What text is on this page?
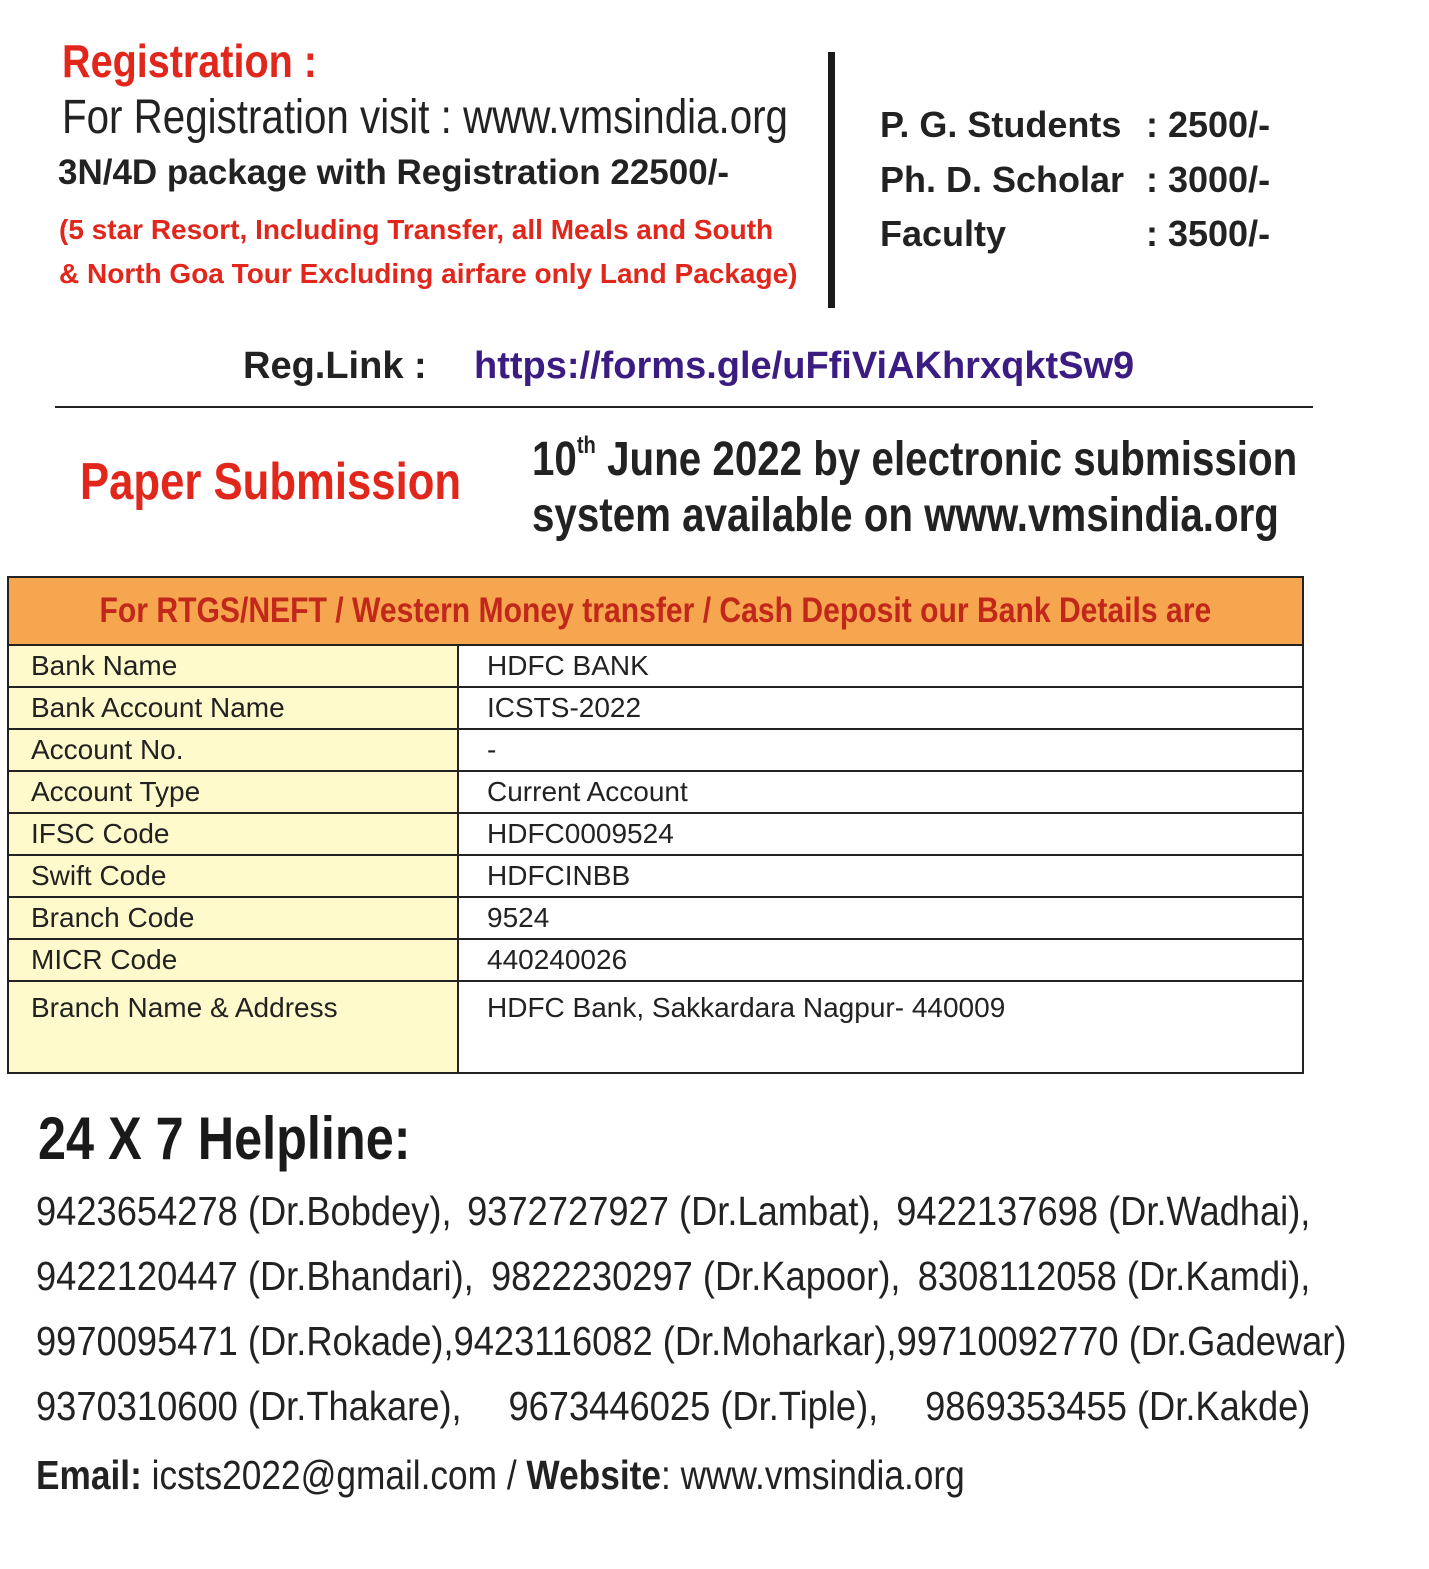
Registration :
For Registration visit : www.vmsindia.org
3N/4D package with Registration 22500/-
(5 star Resort, Including Transfer, all Meals and South & North Goa Tour Excluding airfare only Land Package)
P. G. Students : 2500/-
Ph. D. Scholar : 3000/-
Faculty	: 3500/-
Reg.Link : https://forms.gle/uFfiViAKhrxqktSw9
Paper Submission 10th June 2022 by electronic submission
system available on www.vmsindia.org
For RTGS/NEFT / Western Money transfer / Cash Deposit our Bank Details are	
Bank Name	HDFC BANK
Bank Account Name	ICSTS-2022
Account No.	-
Account Type	Current Account
IFSC Code	HDFC0009524
Swift Code	HDFCINBB
Branch Code	9524
MICR Code	440240026
Branch Name & Address	HDFC Bank, Sakkardara Nagpur- 440009
24 X 7 Helpline:
9423654278 (Dr.Bobdey), 9372727927 (Dr.Lambat), 9422137698 (Dr.Wadhai),
9422120447 (Dr.Bhandari), 9822230297 (Dr.Kapoor), 8308112058 (Dr.Kamdi),
9970095471 (Dr.Rokade), 9423116082 (Dr.Moharkar), 99710092770 (Dr.Gadewar)
9370310600 (Dr.Thakare), 9673446025 (Dr.Tiple), 9869353455 (Dr.Kakde)
Email: icsts2022@gmail.com / Website: www.vmsindia.org
